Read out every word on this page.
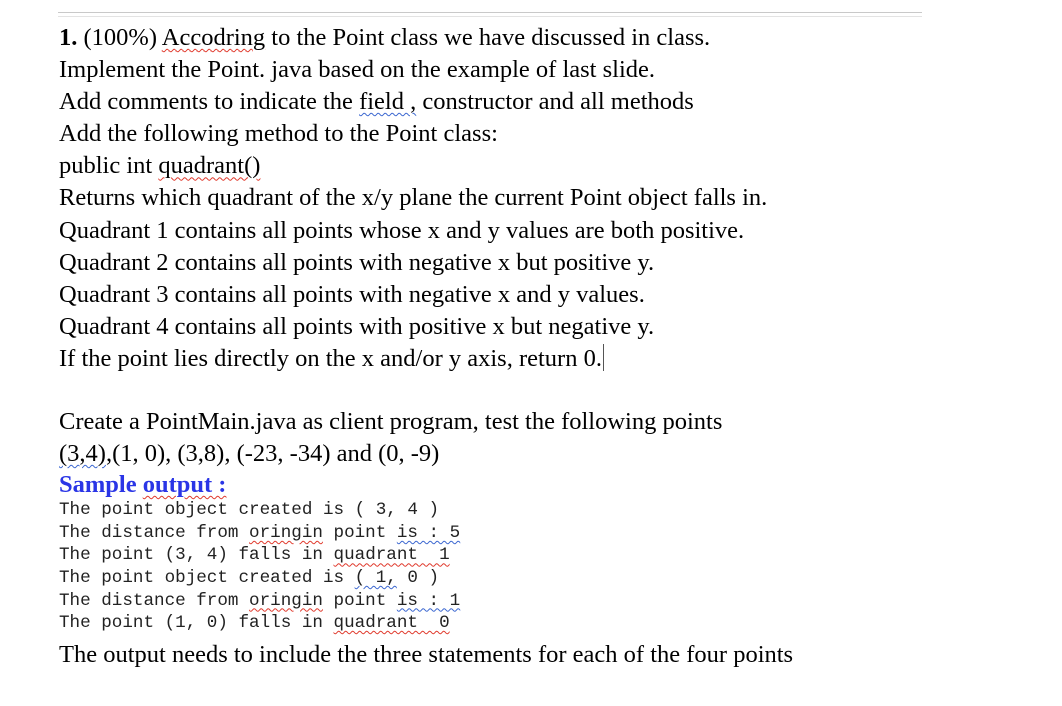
1. (100%) Accodring to the Point class we have discussed in class.
Implement the Point. java based on the example of last slide.
Add comments to indicate the field , constructor and all methods
Add the following method to the Point class:
public int quadrant()
Returns which quadrant of the x/y plane the current Point object falls in.
Quadrant 1 contains all points whose x and y values are both positive.
Quadrant 2 contains all points with negative x but positive y.
Quadrant 3 contains all points with negative x and y values.
Quadrant 4 contains all points with positive x but negative y.
If the point lies directly on the x and/or y axis, return 0.
Create a PointMain.java as client program, test the following points
(3,4),(1, 0), (3,8), (-23, -34) and (0, -9)
Sample output :
The point object created is ( 3, 4 )
The distance from oringin point is : 5
The point (3, 4) falls in quadrant  1
The point object created is ( 1, 0 )
The distance from oringin point is : 1
The point (1, 0) falls in quadrant  0
The output needs to include the three statements for each of the four points
